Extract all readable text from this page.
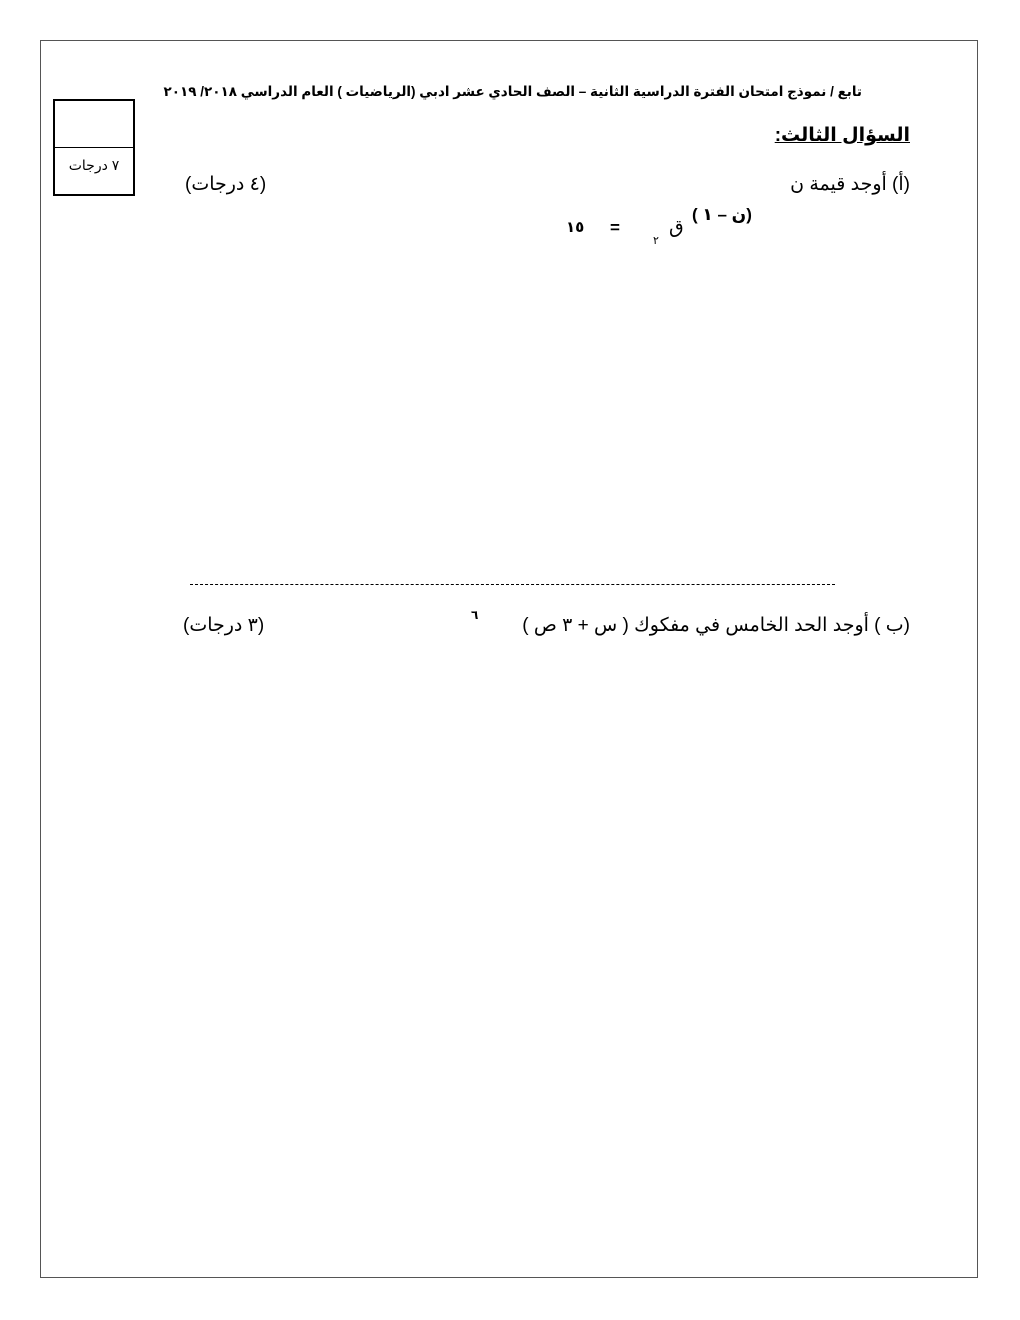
تابع / نموذج امتحان الفترة الدراسية الثانية – الصف الحادي عشر ادبي (الرياضيات ) العام الدراسي ٢٠١٨/ ٢٠١٩
٧ درجات
السؤال الثالث:
(أ) أوجد قيمة ن
(٤ درجات)
(ن – ١ )
ق
٢
=
١٥
(ب ) أوجد الحد الخامس في مفكوك ( س + ٣ ص )
٦
(٣ درجات)
